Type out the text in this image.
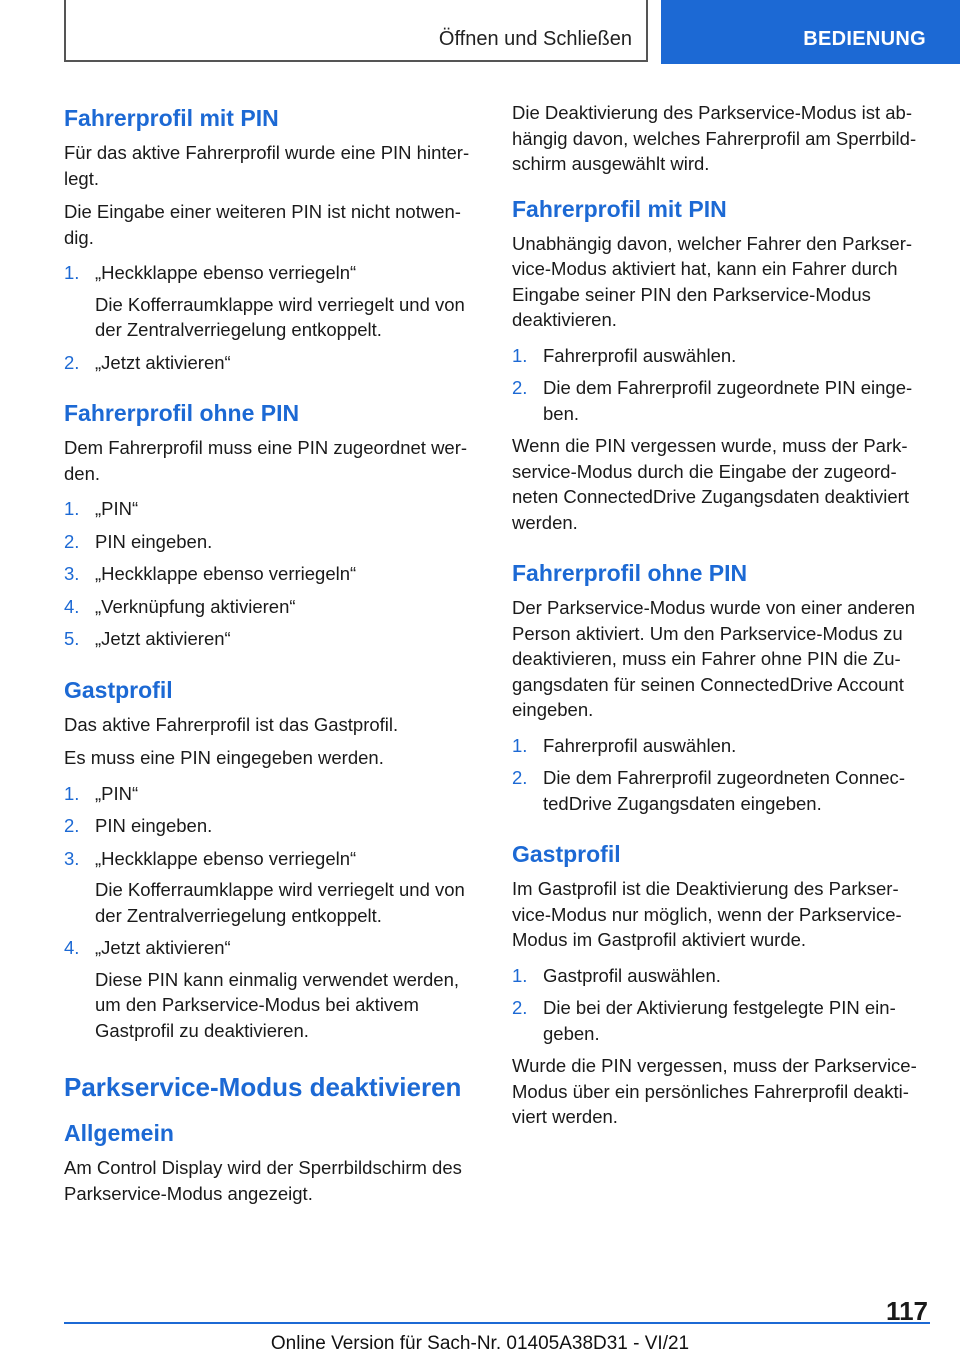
Öffnen und Schließen	BEDIENUNG
Fahrerprofil mit PIN

Für das aktive Fahrerprofil wurde eine PIN hinterlegt.

Die Eingabe einer weiteren PIN ist nicht notwendig.

1. „Heckklappe ebenso verriegeln“
Die Kofferraumklappe wird verriegelt und von der Zentralverriegelung entkoppelt.
2. „Jetzt aktivieren“
Fahrerprofil ohne PIN

Dem Fahrerprofil muss eine PIN zugeordnet werden.

1. „PIN“
2. PIN eingeben.
3. „Heckklappe ebenso verriegeln“
4. „Verknüpfung aktivieren“
5. „Jetzt aktivieren“
Gastprofil

Das aktive Fahrerprofil ist das Gastprofil.

Es muss eine PIN eingegeben werden.

1. „PIN“
2. PIN eingeben.
3. „Heckklappe ebenso verriegeln“
Die Kofferraumklappe wird verriegelt und von der Zentralverriegelung entkoppelt.
4. „Jetzt aktivieren“
Diese PIN kann einmalig verwendet werden, um den Parkservice-Modus bei aktivem Gastprofil zu deaktivieren.
Parkservice-Modus deaktivieren
Allgemein

Am Control Display wird der Sperrbildschirm des Parkservice-Modus angezeigt.

Die Deaktivierung des Parkservice-Modus ist abhängig davon, welches Fahrerprofil am Sperrbildschirm ausgewählt wird.

Fahrerprofil mit PIN

Unabhängig davon, welcher Fahrer den Parkservice-Modus aktiviert hat, kann ein Fahrer durch Eingabe seiner PIN den Parkservice-Modus deaktivieren.

1. Fahrerprofil auswählen.
2. Die dem Fahrerprofil zugeordnete PIN eingeben.

Wenn die PIN vergessen wurde, muss der Parkservice-Modus durch die Eingabe der zugeordneten ConnectedDrive Zugangsdaten deaktiviert werden.

Fahrerprofil ohne PIN

Der Parkservice-Modus wurde von einer anderen Person aktiviert. Um den Parkservice-Modus zu deaktivieren, muss ein Fahrer ohne PIN die Zugangsdaten für seinen ConnectedDrive Account eingeben.

1. Fahrerprofil auswählen.
2. Die dem Fahrerprofil zugeordneten ConnectedDrive Zugangsdaten eingeben.
Gastprofil

Im Gastprofil ist die Deaktivierung des Parkservice-Modus nur möglich, wenn der Parkservice-Modus im Gastprofil aktiviert wurde.

1. Gastprofil auswählen.
2. Die bei der Aktivierung festgelegte PIN eingeben.

Wurde die PIN vergessen, muss der Parkservice-Modus über ein persönliches Fahrerprofil deaktiviert werden.

117
Online Version für Sach-Nr. 01405A38D31 - VI/21
